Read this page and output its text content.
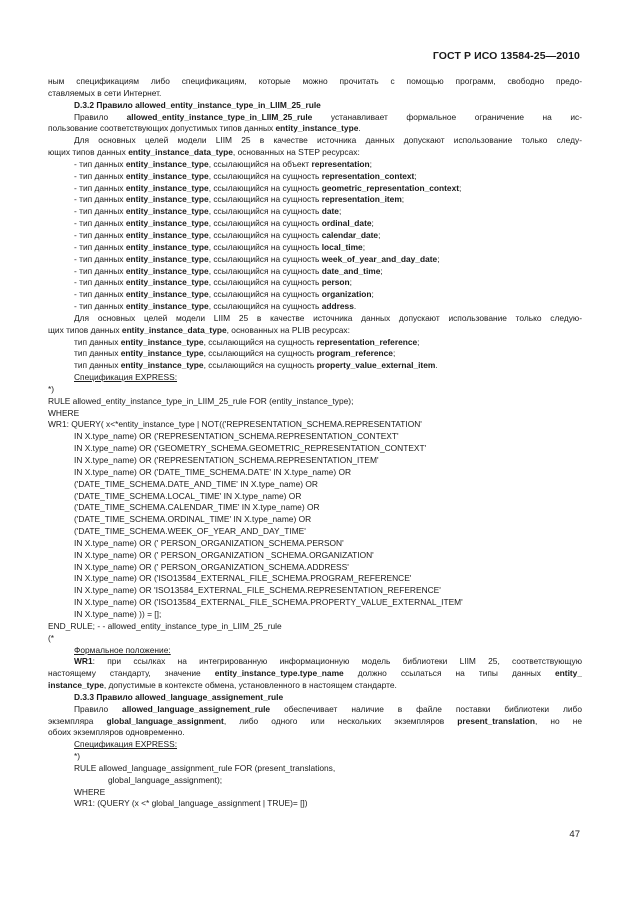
ГОСТ Р ИСО 13584-25—2010
ным спецификациям либо спецификациям, которые можно прочитать с помощью программ, свободно предо-
ставляемых в сети Интернет.
D.3.2 Правило allowed_entity_instance_type_in_LIIM_25_rule
Правило allowed_entity_instance_type_in_LIIM_25_rule устанавливает формальное ограничение на ис-
пользование соответствующих допустимых типов данных entity_instance_type.
Для основных целей модели LIIM 25 в качестве источника данных допускают использование только следу-
ющих типов данных entity_instance_data_type, основанных на STEP ресурсах:
- тип данных entity_instance_type, ссылающийся на объект representation;
- тип данных entity_instance_type, ссылающийся на сущность representation_context;
- тип данных entity_instance_type, ссылающийся на сущность geometric_representation_context;
- тип данных entity_instance_type, ссылающийся на сущность representation_item;
- тип данных entity_instance_type, ссылающийся на сущность date;
- тип данных entity_instance_type, ссылающийся на сущность ordinal_date;
- тип данных entity_instance_type, ссылающийся на сущность calendar_date;
- тип данных entity_instance_type, ссылающийся на сущность local_time;
- тип данных entity_instance_type, ссылающийся на сущность week_of_year_and_day_date;
- тип данных entity_instance_type, ссылающийся на сущность date_and_time;
- тип данных entity_instance_type, ссылающийся на сущность person;
- тип данных entity_instance_type, ссылающийся на сущность organization;
- тип данных entity_instance_type, ссылающийся на сущность address.
Для основных целей модели LIIM 25 в качестве источника данных допускают использование только следую-
щих типов данных entity_instance_data_type, основанных на PLIB ресурсах:
тип данных entity_instance_type, ссылающийся на сущность representation_reference;
тип данных entity_instance_type, ссылающийся на сущность program_reference;
тип данных entity_instance_type, ссылающийся на сущность property_value_external_item.
Спецификация EXPRESS:
*)
RULE allowed_entity_instance_type_in_LIIM_25_rule FOR (entity_instance_type);
WHERE
WR1: QUERY( x<*entity_instance_type | NOT(('REPRESENTATION_SCHEMA.REPRESENTATION'
IN X.type_name) OR ('REPRESENTATION_SCHEMA.REPRESENTATION_CONTEXT'
IN X.type_name) OR ('GEOMETRY_SCHEMA.GEOMETRIC_REPRESENTATION_CONTEXT'
IN X.type_name) OR ('REPRESENTATION_SCHEMA.REPRESENTATION_ITEM'
IN X.type_name) OR ('DATE_TIME_SCHEMA.DATE' IN X.type_name) OR
('DATE_TIME_SCHEMA.DATE_AND_TIME' IN X.type_name) OR
('DATE_TIME_SCHEMA.LOCAL_TIME' IN X.type_name) OR
('DATE_TIME_SCHEMA.CALENDAR_TIME' IN X.type_name) OR
('DATE_TIME_SCHEMA.ORDINAL_TIME' IN X.type_name) OR
('DATE_TIME_SCHEMA.WEEK_OF_YEAR_AND_DAY_TIME'
IN X.type_name) OR (' PERSON_ORGANIZATION_SCHEMA.PERSON'
IN X.type_name) OR (' PERSON_ORGANIZATION _SCHEMA.ORGANIZATION'
IN X.type_name) OR (' PERSON_ORGANIZATION_SCHEMA.ADDRESS'
IN X.type_name) OR ('ISO13584_EXTERNAL_FILE_SCHEMA.PROGRAM_REFERENCE'
IN X.type_name) OR 'ISO13584_EXTERNAL_FILE_SCHEMA.REPRESENTATION_REFERENCE'
IN X.type_name) OR ('ISO13584_EXTERNAL_FILE_SCHEMA.PROPERTY_VALUE_EXTERNAL_ITEM'
IN X.type_name) )) = [];
END_RULE; - - allowed_entity_instance_type_in_LIIM_25_rule
(*
Формальное положение:
WR1: при ссылках на интегрированную информационную модель библиотеки LIIM 25, соответствующую
настоящему стандарту, значение entity_instance_type.type_name должно ссылаться на типы данных entity_
instance_type, допустимые в контексте обмена, установленного в настоящем стандарте.
D.3.3 Правило allowed_language_assignement_rule
Правило allowed_language_assignement_rule обеспечивает наличие в файле поставки библиотеки либо
экземпляра global_language_assignment, либо одного или нескольких экземпляров present_translation, но не
обоих экземпляров одновременно.
Спецификация EXPRESS:
*)
RULE allowed_language_assignment_rule FOR (present_translations,
global_language_assignment);
WHERE
WR1: (QUERY (x <* global_language_assignment | TRUE)= [])
47
